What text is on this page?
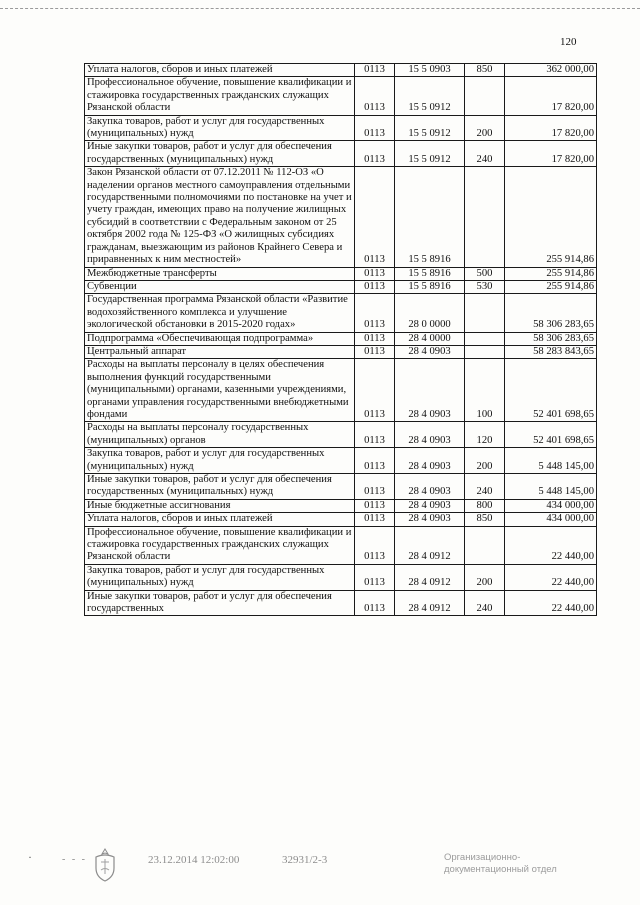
120
Уплата налогов, сборов и иных платежей	0113	15 5 0903	850	362 000,00
Профессиональное обучение, повышение квалификации и стажировка государственных гражданских служащих Рязанской области	0113	15 5 0912		17 820,00
Закупка товаров, работ и услуг для государственных (муниципальных) нужд	0113	15 5 0912	200	17 820,00
Иные закупки товаров, работ и услуг для обеспечения государственных (муниципальных) нужд	0113	15 5 0912	240	17 820,00
Закон Рязанской области от 07.12.2011 № 112-ОЗ «О наделении органов местного самоуправления отдельными государственными полномочиями по постановке на учет и учету граждан, имеющих право на получение жилищных субсидий в соответствии с Федеральным законом от 25 октября 2002 года № 125-ФЗ «О жилищных субсидиях гражданам, выезжающим из районов Крайнего Севера и приравненных к ним местностей»	0113	15 5 8916		255 914,86
Межбюджетные трансферты	0113	15 5 8916	500	255 914,86
Субвенции	0113	15 5 8916	530	255 914,86
Государственная программа Рязанской области «Развитие водохозяйственного комплекса и улучшение экологической обстановки в 2015-2020 годах»	0113	28 0 0000		58 306 283,65
Подпрограмма «Обеспечивающая подпрограмма»	0113	28 4 0000		58 306 283,65
Центральный аппарат	0113	28 4 0903		58 283 843,65
Расходы на выплаты персоналу в целях обеспечения выполнения функций государственными (муниципальными) органами, казенными учреждениями, органами управления государственными внебюджетными фондами	0113	28 4 0903	100	52 401 698,65
Расходы на выплаты персоналу государственных (муниципальных) органов	0113	28 4 0903	120	52 401 698,65
Закупка товаров, работ и услуг для государственных (муниципальных) нужд	0113	28 4 0903	200	5 448 145,00
Иные закупки товаров, работ и услуг для обеспечения государственных (муниципальных) нужд	0113	28 4 0903	240	5 448 145,00
Иные бюджетные ассигнования	0113	28 4 0903	800	434 000,00
Уплата налогов, сборов и иных платежей	0113	28 4 0903	850	434 000,00
Профессиональное обучение, повышение квалификации и стажировка государственных гражданских служащих Рязанской области	0113	28 4 0912		22 440,00
Закупка товаров, работ и услуг для государственных (муниципальных) нужд	0113	28 4 0912	200	22 440,00
Иные закупки товаров, работ и услуг для обеспечения государственных	0113	28 4 0912	240	22 440,00
·	- - -	23.12.2014 12:02:00	32931/2-3	Организационно-
документационный отдел
